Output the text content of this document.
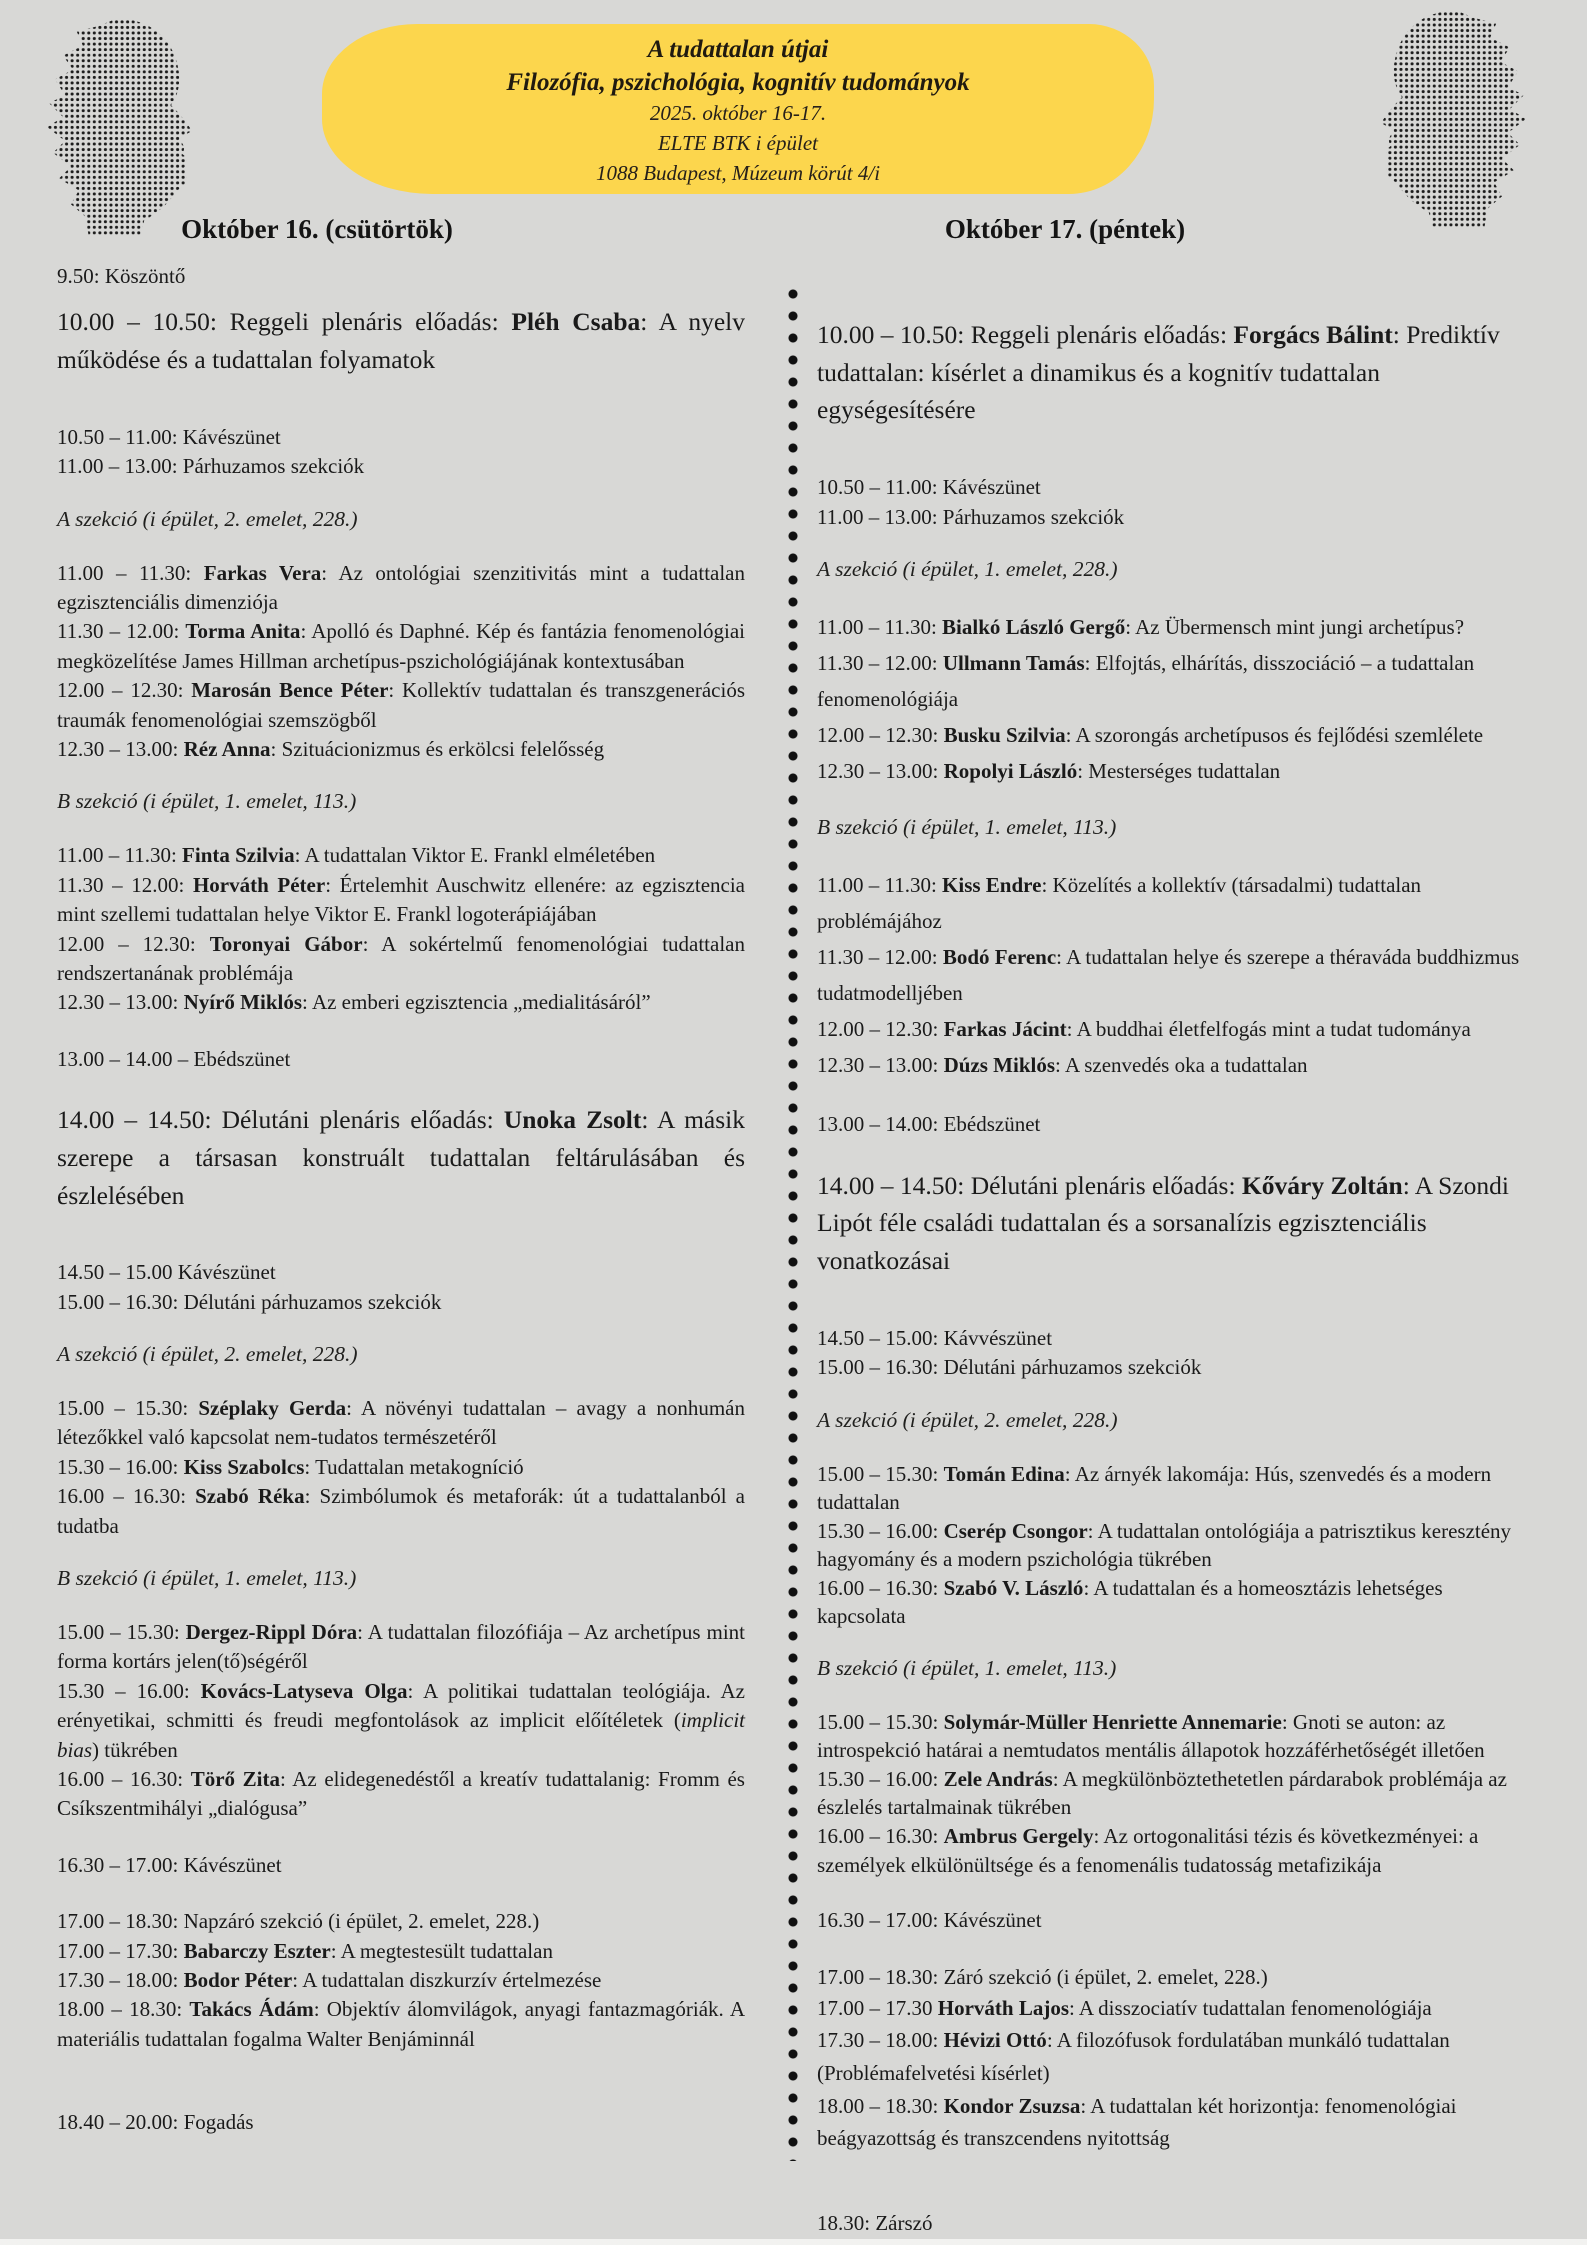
A tudattalan útjai
Filozófia, pszichológia, kognitív tudományok
2025. október 16-17.
ELTE BTK i épület
1088 Budapest, Múzeum körút 4/i
Október 16. (csütörtök)	Október 17. (péntek)
9.50: Köszöntő
10.00 – 10.50: Reggeli plenáris előadás: Pléh Csaba: A nyelv működése és a tudattalan folyamatok
10.50 – 11.00: Kávészünet
11.00 – 13.00: Párhuzamos szekciók
A szekció (i épület, 2. emelet, 228.)
11.00 – 11.30: Farkas Vera: Az ontológiai szenzitivitás mint a tudattalan egzisztenciális dimenziója
11.30 – 12.00: Torma Anita: Apolló és Daphné. Kép és fantázia fenomenológiai megközelítése James Hillman archetípus-pszichológiájának kontextusában
12.00 – 12.30: Marosán Bence Péter: Kollektív tudattalan és transzgenerációs traumák fenomenológiai szemszögből
12.30 – 13.00: Réz Anna: Szituácionizmus és erkölcsi felelősség
B szekció (i épület, 1. emelet, 113.)
11.00 – 11.30: Finta Szilvia: A tudattalan Viktor E. Frankl elméletében
11.30 – 12.00: Horváth Péter: Értelemhit Auschwitz ellenére: az egzisztencia mint szellemi tudattalan helye Viktor E. Frankl logoterápiájában
12.00 – 12.30: Toronyai Gábor: A sokértelmű fenomenológiai tudattalan rendszertanának problémája
12.30 – 13.00: Nyírő Miklós: Az emberi egzisztencia „medialitásáról”
13.00 – 14.00 – Ebédszünet
14.00 – 14.50: Délutáni plenáris előadás: Unoka Zsolt: A másik szerepe a társasan konstruált tudattalan feltárulásában és észlelésében
14.50 – 15.00 Kávészünet
15.00 – 16.30: Délutáni párhuzamos szekciók
A szekció (i épület, 2. emelet, 228.)
15.00 – 15.30: Széplaky Gerda: A növényi tudattalan – avagy a nonhumán létezőkkel való kapcsolat nem-tudatos természetéről
15.30 – 16.00: Kiss Szabolcs: Tudattalan metakogníció
16.00 – 16.30: Szabó Réka: Szimbólumok és metaforák: út a tudattalanból a tudatba
B szekció (i épület, 1. emelet, 113.)
15.00 – 15.30: Dergez-Rippl Dóra: A tudattalan filozófiája – Az archetípus mint forma kortárs jelen(tő)ségéről
15.30 – 16.00: Kovács-Latyseva Olga: A politikai tudattalan teológiája. Az erényetikai, schmitti és freudi megfontolások az implicit előítéletek (implicit bias) tükrében
16.00 – 16.30: Törő Zita: Az elidegenedéstől a kreatív tudattalanig: Fromm és Csíkszentmihályi „dialógusa”
16.30 – 17.00: Kávészünet
17.00 – 18.30: Napzáró szekció (i épület, 2. emelet, 228.)
17.00 – 17.30: Babarczy Eszter: A megtestesült tudattalan
17.30 – 18.00: Bodor Péter: A tudattalan diszkurzív értelmezése
18.00 – 18.30: Takács Ádám: Objektív álomvilágok, anyagi fantazmagóriák. A materiális tudattalan fogalma Walter Benjáminnál
18.40 – 20.00: Fogadás
10.00 – 10.50: Reggeli plenáris előadás: Forgács Bálint: Prediktív tudattalan: kísérlet a dinamikus és a kognitív tudattalan egységesítésére
10.50 – 11.00: Kávészünet
11.00 – 13.00: Párhuzamos szekciók
A szekció (i épület, 1. emelet, 228.)
11.00 – 11.30: Bialkó László Gergő: Az Übermensch mint jungi archetípus?
11.30 – 12.00: Ullmann Tamás: Elfojtás, elhárítás, disszociáció – a tudattalan fenomenológiája
12.00 – 12.30: Busku Szilvia: A szorongás archetípusos és fejlődési szemlélete
12.30 – 13.00: Ropolyi László: Mesterséges tudattalan
B szekció (i épület, 1. emelet, 113.)
11.00 – 11.30: Kiss Endre: Közelítés a kollektív (társadalmi) tudattalan problémájához
11.30 – 12.00: Bodó Ferenc: A tudattalan helye és szerepe a théraváda buddhizmus tudatmodelljében
12.00 – 12.30: Farkas Jácint: A buddhai életfelfogás mint a tudat tudománya
12.30 – 13.00: Dúzs Miklós: A szenvedés oka a tudattalan
13.00 – 14.00: Ebédszünet
14.00 – 14.50: Délutáni plenáris előadás: Kőváry Zoltán: A Szondi Lipót féle családi tudattalan és a sorsanalízis egzisztenciális vonatkozásai
14.50 – 15.00: Kávvészünet
15.00 – 16.30: Délutáni párhuzamos szekciók
A szekció (i épület, 2. emelet, 228.)
15.00 – 15.30: Tomán Edina: Az árnyék lakomája: Hús, szenvedés és a modern tudattalan
15.30 – 16.00: Cserép Csongor: A tudattalan ontológiája a patrisztikus keresztény hagyomány és a modern pszichológia tükrében
16.00 – 16.30: Szabó V. László: A tudattalan és a homeosztázis lehetséges kapcsolata
B szekció (i épület, 1. emelet, 113.)
15.00 – 15.30: Solymár-Müller Henriette Annemarie: Gnoti se auton: az introspekció határai a nemtudatos mentális állapotok hozzáférhetőségét illetően
15.30 – 16.00: Zele András: A megkülönböztethetetlen párdarabok problémája az észlelés tartalmainak tükrében
16.00 – 16.30: Ambrus Gergely: Az ortogonalitási tézis és következményei: a személyek elkülönültsége és a fenomenális tudatosság metafizikája
16.30 – 17.00: Kávészünet
17.00 – 18.30: Záró szekció (i épület, 2. emelet, 228.)
17.00 – 17.30 Horváth Lajos: A disszociatív tudattalan fenomenológiája
17.30 – 18.00: Hévizi Ottó: A filozófusok fordulatában munkáló tudattalan (Problémafelvetési kísérlet)
18.00 – 18.30: Kondor Zsuzsa: A tudattalan két horizontja: fenomenológiai beágyazottság és transzcendens nyitottság
18.30: Zárszó
